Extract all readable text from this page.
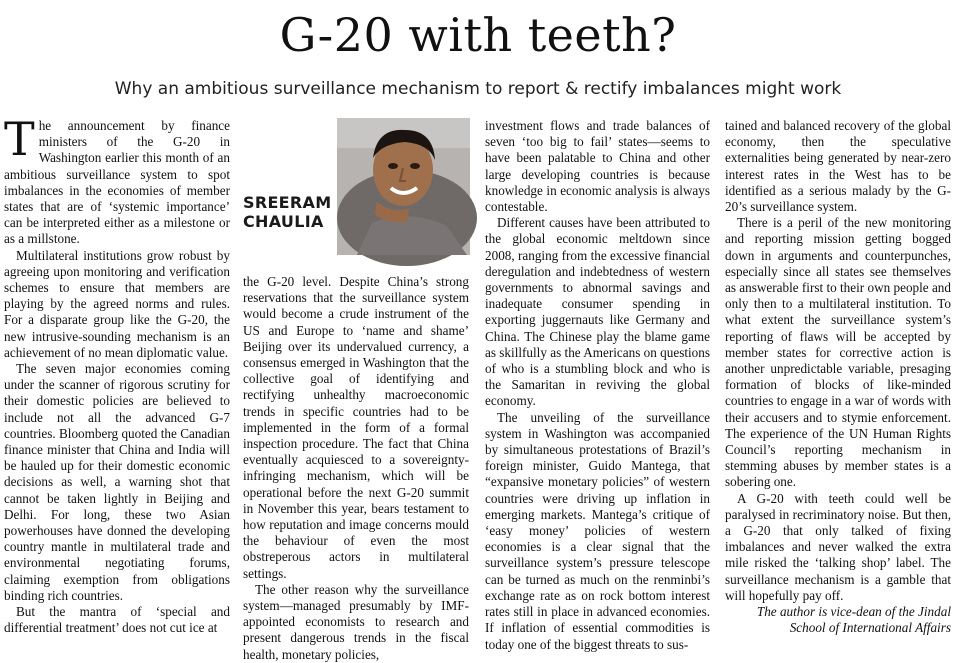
G-20 with teeth?
Why an ambitious surveillance mechanism to report & rectify imbalances might work

The announcement by finance ministers of the G-20 in Washington earlier this month of an ambitious surveillance system to spot imbalances in the economies of member states that are of ‘systemic importance’ can be interpreted either as a milestone or as a millstone.

Multilateral institutions grow robust by agreeing upon monitoring and verification schemes to ensure that members are playing by the agreed norms and rules. For a disparate group like the G-20, the new intrusive-sounding mechanism is an achievement of no mean diplomatic value.

The seven major economies coming under the scanner of rigorous scrutiny for their domestic policies are believed to include not all the advanced G-7 countries. Bloomberg quoted the Canadian finance minister that China and India will be hauled up for their domestic economic decisions as well, a warning shot that cannot be taken lightly in Beijing and Delhi. For long, these two Asian powerhouses have donned the developing country mantle in multilateral trade and environmental negotiating forums, claiming exemption from obligations binding rich countries.

But the mantra of ‘special and differential treatment’ does not cut ice at

SREERAM
CHAULIA

the G-20 level. Despite China’s strong reservations that the surveillance system would become a crude instrument of the US and Europe to ‘name and shame’ Beijing over its undervalued currency, a consensus emerged in Washington that the collective goal of identifying and rectifying unhealthy macroeconomic trends in specific countries had to be implemented in the form of a formal inspection procedure. The fact that China eventually acquiesced to a sovereignty-infringing mechanism, which will be operational before the next G-20 summit in November this year, bears testament to how reputation and image concerns mould the behaviour of even the most obstreperous actors in multilateral settings.

The other reason why the surveillance system—managed presumably by IMF-appointed economists to research and present dangerous trends in the fiscal health, monetary policies,

investment flows and trade balances of seven ‘too big to fail’ states—seems to have been palatable to China and other large developing countries is because knowledge in economic analysis is always contestable.

Different causes have been attributed to the global economic meltdown since 2008, ranging from the excessive financial deregulation and indebtedness of western governments to abnormal savings and inadequate consumer spending in exporting juggernauts like Germany and China. The Chinese play the blame game as skillfully as the Americans on questions of who is a stumbling block and who is the Samaritan in reviving the global economy.

The unveiling of the surveillance system in Washington was accompanied by simultaneous protestations of Brazil’s foreign minister, Guido Mantega, that “expansive monetary policies” of western countries were driving up inflation in emerging markets. Mantega’s critique of ‘easy money’ policies of western economies is a clear signal that the surveillance system’s pressure telescope can be turned as much on the renminbi’s exchange rate as on rock bottom interest rates still in place in advanced economies. If inflation of essential commodities is today one of the biggest threats to sus-

tained and balanced recovery of the global economy, then the speculative externalities being generated by near-zero interest rates in the West has to be identified as a serious malady by the G-20’s surveillance system.

There is a peril of the new monitoring and reporting mission getting bogged down in arguments and counterpunches, especially since all states see themselves as answerable first to their own people and only then to a multilateral institution. To what extent the surveillance system’s reporting of flaws will be accepted by member states for corrective action is another unpredictable variable, presaging formation of blocks of like-minded countries to engage in a war of words with their accusers and to stymie enforcement. The experience of the UN Human Rights Council’s reporting mechanism in stemming abuses by member states is a sobering one.

A G-20 with teeth could well be paralysed in recriminatory noise. But then, a G-20 that only talked of fixing imbalances and never walked the extra mile risked the ‘talking shop’ label. The surveillance mechanism is a gamble that will hopefully pay off.

The author is vice-dean of the Jindal
School of International Affairs
